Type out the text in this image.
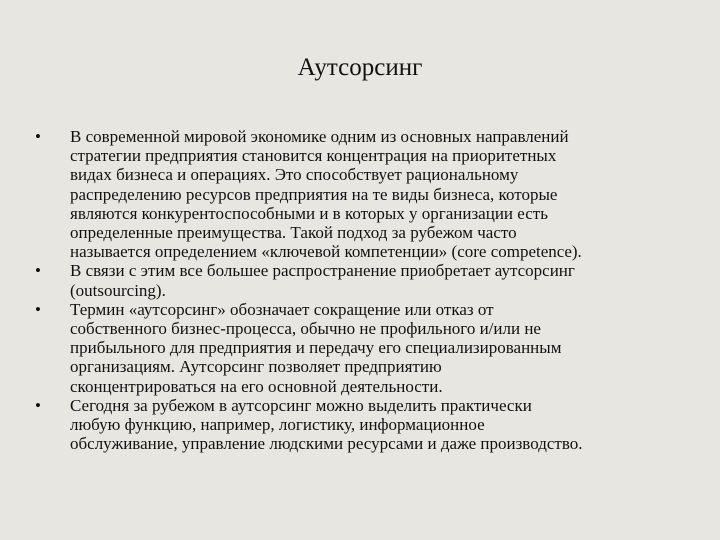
Аутсорсинг
• В современной мировой экономике одним из основных направлений
стратегии предприятия становится концентрация на приоритетных
видах бизнеса и операциях. Это способствует рациональному
распределению ресурсов предприятия на те виды бизнеса, которые
являются конкурентоспособными и в которых у организации есть
определенные преимущества. Такой подход за рубежом часто
называется определением «ключевой компетенции» (core competence).
• В связи с этим все большее распространение приобретает аутсорсинг
(outsourcing).
• Термин «аутсорсинг» обозначает сокращение или отказ от
собственного бизнес-процесса, обычно не профильного и/или не
прибыльного для предприятия и передачу его специализированным
организациям. Аутсорсинг позволяет предприятию
сконцентрироваться на его основной деятельности.
• Сегодня за рубежом в аутсорсинг можно выделить практически
любую функцию, например, логистику, информационное
обслуживание, управление людскими ресурсами и даже производство.
